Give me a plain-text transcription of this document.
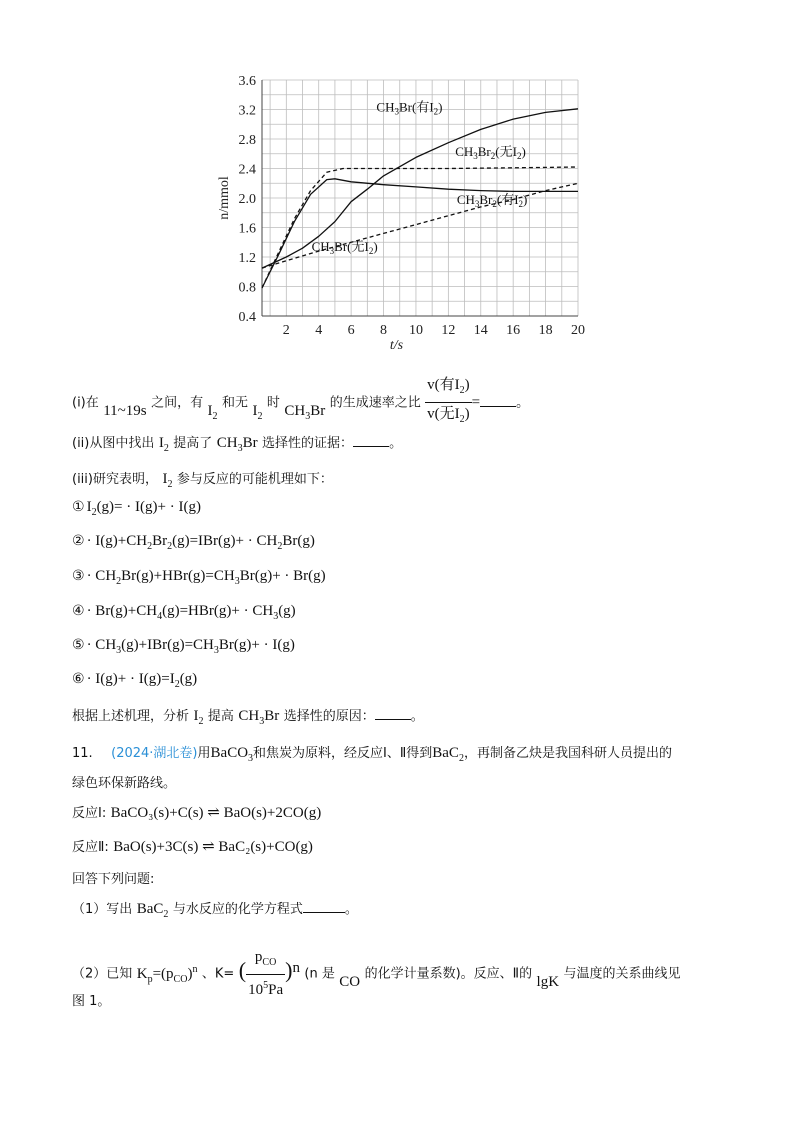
0.4
0.8
1.2
1.6
2.0
2.4
2.8
3.2
3.6
2 4 6 8 10 12 14 16 18 20
t/s
n/mmol
$CH_3Br$(有$I_2$)
$CH_3Br_2$(无$I_2$)
$CH_3Br_2$(有$I_2$)
$CH_3Br$(无$I_2$)
(i)在 11~19s 之间，有 $I_2$ 和无 $I_2$ 时 $CH_3Br$ 的生成速率之比 $\frac{v(有I_2)}{v(无I_2)}$ =	。
(ii)从图中找出 $I_2$ 提高了 $CH_3Br$ 选择性的证据：	。
(iii)研究表明， $I_2$ 参与反应的可能机理如下：
① $I_2(g)= \cdot I(g)+ \cdot I(g)$
② · $I(g)+CH_2Br_2(g)=IBr(g)+ \cdot CH_2Br(g)$
③ · $CH_2Br(g)+HBr(g)=CH_3Br(g)+ \cdot Br(g)$
④ · $Br(g)+CH_4(g)=HBr(g)+ \cdot CH_3(g)$
⑤ · $CH_3(g)+IBr(g)=CH_3Br(g)+ \cdot I(g)$
⑥ · $I(g)+ \cdot I(g)=I_2(g)$
根据上述机理，分析 $I_2$ 提高 $CH_3Br$ 选择性的原因：	。
11. (2024·湖北卷)用BaCO$_3$和焦炭为原料，经反应Ⅰ、Ⅱ得到BaC$_2$，再制备乙炔是我国科研人员提出的
绿色环保新路线。
反应Ⅰ: BaCO₃(s)+C(s) ⇌ BaO(s)+2CO(g)
反应Ⅱ: BaO(s)+3C(s) ⇌ BaC₂(s)+CO(g)
回答下列问题:
（1）写出 BaC$_2$ 与水反应的化学方程式	。
（2）已知 $K_p=(p_{CO})^n$ 、K= ( $\frac{p_{CO}}{10^5Pa} )^n$ (n 是 CO 的化学计量系数)。反应、Ⅱ的 lgK 与温度的关系曲线见
图 1。
